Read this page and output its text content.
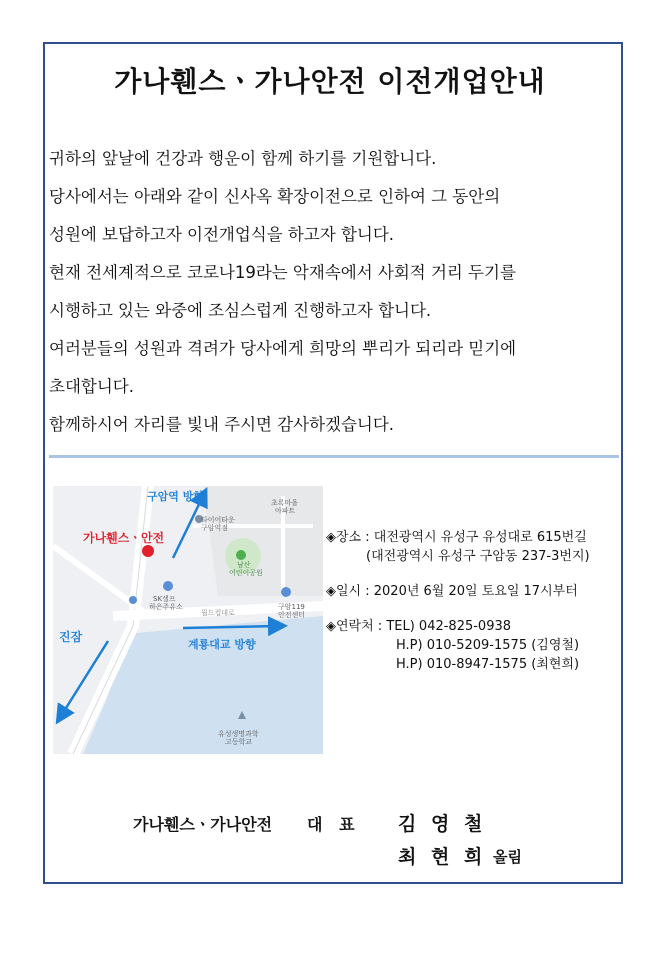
가나휀스ㆍ가나안전 이전개업안내

귀하의 앞날에 건강과 행운이 함께 하기를 기원합니다.

당사에서는 아래와 같이 신사옥 확장이전으로 인하여 그 동안의

성원에 보답하고자 이전개업식을 하고자 합니다.

현재 전세계적으로 코로나19라는 악재속에서 사회적 거리 두기를

시행하고 있는 와중에 조심스럽게 진행하고자 합니다.

여러분들의 성원과 격려가 당사에게 희망의 뿌리가 되리라 믿기에

초대합니다.

함께하시어 자리를 빛내 주시면 감사하겠습니다.

구암역 방향
가나휀스ㆍ안전
진잠
계룡대교 방향
타이어타운
구암역점
남산
어린이공원
SK셀프
하은주유소	구암119
안전센터
초록마을
아파트
월드컵대로
유성생명과학
고등학교
◈장소 : 대전광역시 유성구 유성대로 615번길
(대전광역시 유성구 구암동 237-3번지)
◈일시 : 2020년 6월 20일 토요일 17시부터
◈연락처 : TEL) 042-825-0938
H.P) 010-5209-1575 (김영철)
H.P) 010-8947-1575 (최현희)
가나휀스ㆍ가나안전 대   표 김 영 철
최 현 희 올림
